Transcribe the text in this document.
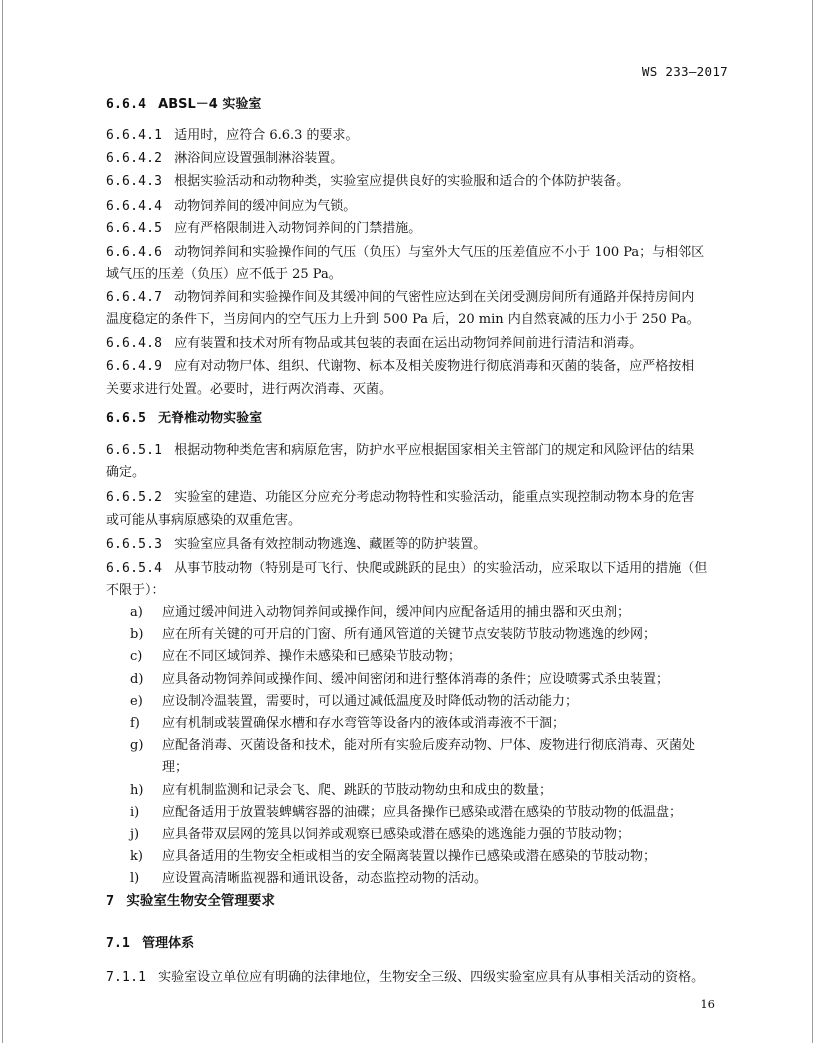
WS 233—2017
6.6.4 ABSL－4 实验室
6.6.4.1 适用时，应符合 6.6.3 的要求。
6.6.4.2 淋浴间应设置强制淋浴装置。
6.6.4.3 根据实验活动和动物种类，实验室应提供良好的实验服和适合的个体防护装备。
6.6.4.4 动物饲养间的缓冲间应为气锁。
6.6.4.5 应有严格限制进入动物饲养间的门禁措施。
6.6.4.6 动物饲养间和实验操作间的气压（负压）与室外大气压的压差值应不小于 100 Pa；与相邻区
域气压的压差（负压）应不低于 25 Pa。
6.6.4.7 动物饲养间和实验操作间及其缓冲间的气密性应达到在关闭受测房间所有通路并保持房间内
温度稳定的条件下，当房间内的空气压力上升到 500 Pa 后，20 min 内自然衰减的压力小于 250 Pa。
6.6.4.8 应有装置和技术对所有物品或其包装的表面在运出动物饲养间前进行清洁和消毒。
6.6.4.9 应有对动物尸体、组织、代谢物、标本及相关废物进行彻底消毒和灭菌的装备，应严格按相
关要求进行处置。必要时，进行两次消毒、灭菌。
6.6.5 无脊椎动物实验室
6.6.5.1 根据动物种类危害和病原危害，防护水平应根据国家相关主管部门的规定和风险评估的结果
确定。
6.6.5.2 实验室的建造、功能区分应充分考虑动物特性和实验活动，能重点实现控制动物本身的危害
或可能从事病原感染的双重危害。
6.6.5.3 实验室应具备有效控制动物逃逸、藏匿等的防护装置。
6.6.5.4 从事节肢动物（特别是可飞行、快爬或跳跃的昆虫）的实验活动，应采取以下适用的措施（但
不限于）：
a) 应通过缓冲间进入动物饲养间或操作间，缓冲间内应配备适用的捕虫器和灭虫剂；
b) 应在所有关键的可开启的门窗、所有通风管道的关键节点安装防节肢动物逃逸的纱网；
c) 应在不同区域饲养、操作未感染和已感染节肢动物；
d) 应具备动物饲养间或操作间、缓冲间密闭和进行整体消毒的条件；应设喷雾式杀虫装置；
e) 应设制冷温装置，需要时，可以通过减低温度及时降低动物的活动能力；
f) 应有机制或装置确保水槽和存水弯管等设备内的液体或消毒液不干涸；
g) 应配备消毒、灭菌设备和技术，能对所有实验后废弃动物、尸体、废物进行彻底消毒、灭菌处
理；
h) 应有机制监测和记录会飞、爬、跳跃的节肢动物幼虫和成虫的数量；
i) 应配备适用于放置装蜱螨容器的油碟；应具备操作已感染或潜在感染的节肢动物的低温盘；
j) 应具备带双层网的笼具以饲养或观察已感染或潜在感染的逃逸能力强的节肢动物；
k) 应具备适用的生物安全柜或相当的安全隔离装置以操作已感染或潜在感染的节肢动物；
l) 应设置高清晰监视器和通讯设备，动态监控动物的活动。
7 实验室生物安全管理要求
7.1 管理体系
7.1.1 实验室设立单位应有明确的法律地位，生物安全三级、四级实验室应具有从事相关活动的资格。
16
